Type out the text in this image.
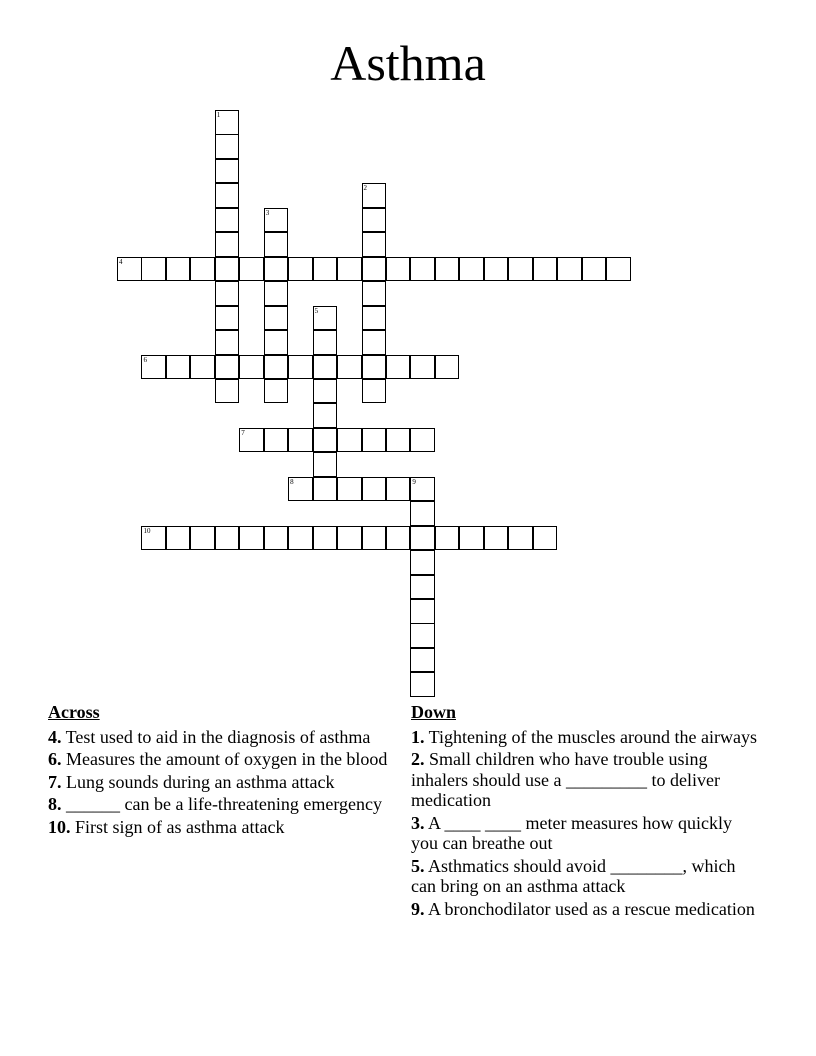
Asthma
1
2
3
4
5
6
7
8	9
10
Across
4. Test used to aid in the diagnosis of asthma
6. Measures the amount of oxygen in the blood
7. Lung sounds during an asthma attack
8. ______ can be a life-threatening emergency
10. First sign of as asthma attack
Down
1. Tightening of the muscles around the airways
2. Small children who have trouble using inhalers should use a _________ to deliver medication
3. A ____ ____ meter measures how quickly you can breathe out
5. Asthmatics should avoid ________, which can bring on an asthma attack
9. A bronchodilator used as a rescue medication
